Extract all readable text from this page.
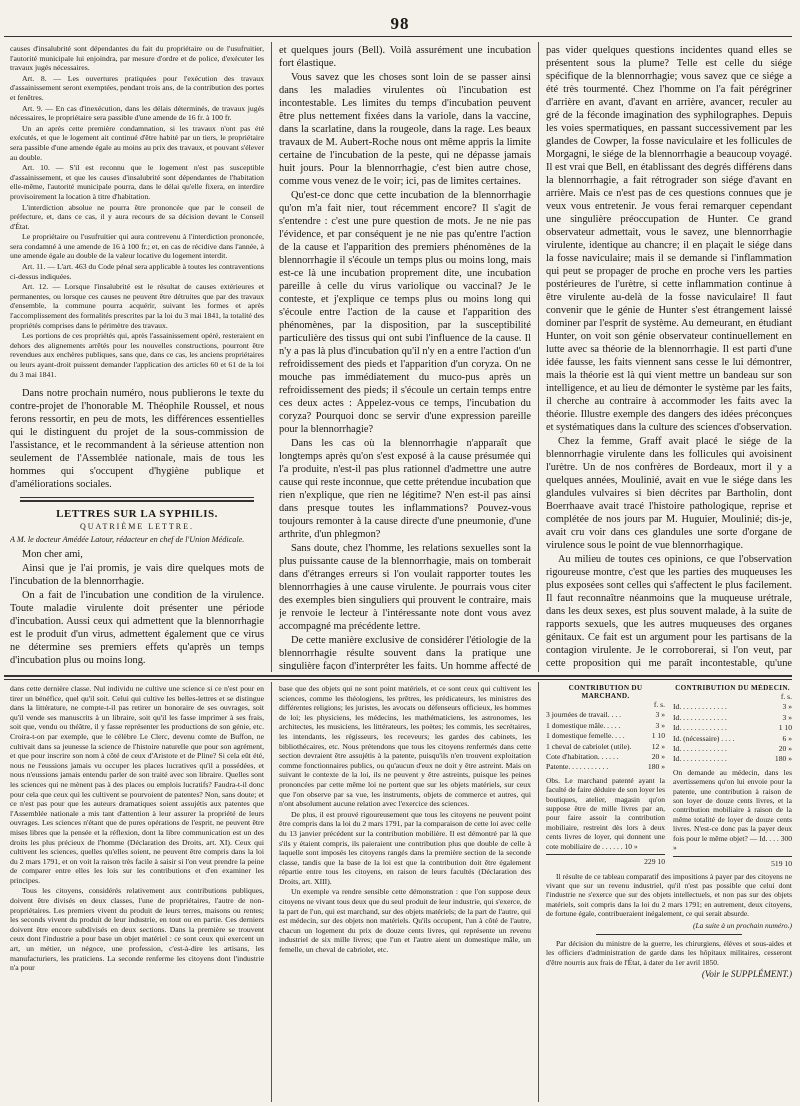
98

causes d'insalubrité sont dépendantes du fait du propriétaire ou de l'usufruitier, l'autorité municipale lui enjoindra, par mesure d'ordre et de police, d'exécuter les travaux jugés nécessaires.

Art. 8. — Les ouvertures pratiquées pour l'exécution des travaux d'assainissement seront exemptées, pendant trois ans, de la contribution des portes et fenêtres.

Art. 9. — En cas d'inexécution, dans les délais déterminés, de travaux jugés nécessaires, le propriétaire sera passible d'une amende de 16 fr. à 100 fr.

Un an après cette première condamnation, si les travaux n'ont pas été exécutés, et que le logement ait continué d'être habité par un tiers, le propriétaire sera passible d'une amende égale au moins au prix des travaux, et pouvant s'élever au double.

Art. 10. — S'il est reconnu que le logement n'est pas susceptible d'assainissement, et que les causes d'insalubrité sont dépendantes de l'habitation elle-même, l'autorité municipale pourra, dans le délai qu'elle fixera, en interdire provisoirement la location à titre d'habitation.

L'interdiction absolue ne pourra être prononcée que par le conseil de préfecture, et, dans ce cas, il y aura recours de sa décision devant le Conseil d'État.

Le propriétaire ou l'usufruitier qui aura contrevenu à l'interdiction prononcée, sera condamné à une amende de 16 à 100 fr.; et, en cas de récidive dans l'année, à une amende égale au double de la valeur locative du logement interdit.

Art. 11. — L'art. 463 du Code pénal sera applicable à toutes les contraventions ci-dessus indiquées.

Art. 12. — Lorsque l'insalubrité est le résultat de causes extérieures et permanentes, ou lorsque ces causes ne peuvent être détruites que par des travaux d'ensemble, la commune pourra acquérir, suivant les formes et après l'accomplissement des formalités prescrites par la loi du 3 mai 1841, la totalité des propriétés comprises dans le périmètre des travaux.

Les portions de ces propriétés qui, après l'assainissement opéré, resteraient en dehors des alignements arrêtés pour les nouvelles constructions, pourront être revendues aux enchères publiques, sans que, dans ce cas, les anciens propriétaires ou leurs ayant-droit puissent demander l'application des articles 60 et 61 de la loi du 3 mai 1841.

Dans notre prochain numéro, nous publierons le texte du contre-projet de l'honorable M. Théophile Roussel, et nous ferons ressortir, en peu de mots, les différences essentielles qui le distinguent du projet de la sous-commission de l'assistance, et le recommandent à la sérieuse attention non seulement de l'Assemblée nationale, mais de tous les hommes qui s'occupent d'hygiène publique et d'améliorations sociales.

LETTRES SUR LA SYPHILIS.
QUATRIÈME LETTRE.
A M. le docteur Amédée Latour, rédacteur en chef de l'Union Médicale.

Mon cher ami,

Ainsi que je l'ai promis, je vais dire quelques mots de l'incubation de la blennorrhagie.

On a fait de l'incubation une condition de la virulence. Toute maladie virulente doit présenter une période d'incubation. Aussi ceux qui admettent que la blennorrhagie est le produit d'un virus, admettent également que ce virus ne détermine ses premiers effets qu'après un temps d'incubation plus ou moins long.

et quelques jours (Bell). Voilà assurément une incubation fort élastique.

Vous savez que les choses sont loin de se passer ainsi dans les maladies virulentes où l'incubation est incontestable. Les limites du temps d'incubation peuvent être plus nettement fixées dans la variole, dans la vaccine, dans la scarlatine, dans la rougeole, dans la rage. Les beaux travaux de M. Aubert-Roche nous ont même appris la limite certaine de l'incubation de la peste, qui ne dépasse jamais huit jours. Pour la blennorrhagie, c'est bien autre chose, comme vous venez de le voir; ici, pas de limites certaines.

Qu'est-ce donc que cette incubation de la blennorrhagie qu'on m'a fait nier, tout récemment encore? Il s'agit de s'entendre : c'est une pure question de mots. Je ne nie pas l'évidence, et par conséquent je ne nie pas qu'entre l'action de la cause et l'apparition des premiers phénomènes de la blennorrhagie il s'écoule un temps plus ou moins long, mais est-ce là une incubation proprement dite, une incubation pareille à celle du virus variolique ou vaccinal? Je le conteste, et j'explique ce temps plus ou moins long qui s'écoule entre l'action de la cause et l'apparition des phénomènes, par la disposition, par la susceptibilité particulière des tissus qui ont subi l'influence de la cause. Il n'y a pas là plus d'incubation qu'il n'y en a entre l'action d'un refroidissement des pieds et l'apparition d'un coryza. On ne mouche pas immédiatement du muco-pus après un refroidissement des pieds; il s'écoule un certain temps entre ces deux actes : Appelez-vous ce temps, l'incubation du coryza? Pourquoi donc se servir d'une expression pareille pour la blennorrhagie?

Dans les cas où la blennorrhagie n'apparaît que longtemps après qu'on s'est exposé à la cause présumée qui l'a produite, n'est-il pas plus rationnel d'admettre une autre cause qui reste inconnue, que cette prétendue incubation que rien n'explique, que rien ne légitime? N'en est-il pas ainsi dans presque toutes les inflammations? Pouvez-vous toujours remonter à la cause directe d'une pneumonie, d'une arthrite, d'un phlegmon?

Sans doute, chez l'homme, les relations sexuelles sont la plus puissante cause de la blennorrhagie, mais on tomberait dans d'étranges erreurs si l'on voulait rapporter toutes les blennorrhagies à une cause virulente. Je pourrais vous citer des exemples bien singuliers qui prouvent le contraire, mais je renvoie le lecteur à l'intéressante note dont vous avez accompagné ma précédente lettre.

De cette manière exclusive de considérer l'étiologie de la blennorrhagie résulte souvent dans la pratique une singulière façon d'interpréter les faits. Un homme affecté de

pas vider quelques questions incidentes quand elles se présentent sous la plume? Telle est celle du siége spécifique de la blennorrhagie; vous savez que ce siége a été très tourmenté. Chez l'homme on l'a fait pérégriner d'arrière en avant, d'avant en arrière, avancer, reculer au gré de la féconde imagination des syphilographes. Depuis les voies spermatiques, en passant successivement par les glandes de Cowper, la fosse naviculaire et les follicules de Morgagni, le siége de la blennorrhagie a beaucoup voyagé. Il est vrai que Bell, en établissant des degrés différens dans la blennorrhagie, a fait rétrograder son siége d'avant en arrière. Mais ce n'est pas de ces questions connues que je veux vous entretenir. Je vous ferai remarquer cependant une singulière préoccupation de Hunter. Ce grand observateur admettait, vous le savez, une blennorrhagie virulente, identique au chancre; il en plaçait le siége dans la fosse naviculaire; mais il se demande si l'inflammation qui peut se propager de proche en proche vers les parties postérieures de l'urètre, si cette inflammation continue à être virulente au-delà de la fosse naviculaire! Il faut convenir que le génie de Hunter s'est étrangement laissé dominer par l'esprit de système. Au demeurant, en étudiant Hunter, on voit son génie observateur continuellement en lutte avec sa théorie de la blennorrhagie. Il est parti d'une idée fausse, les faits viennent sans cesse le lui démontrer, mais la théorie est là qui vient mettre un bandeau sur son intelligence, et au lieu de démonter le système par les faits, il cherche au contraire à accommoder les faits avec la théorie. Illustre exemple des dangers des idées préconçues et systématiques dans la culture des sciences d'observation.

Chez la femme, Graff avait placé le siége de la blennorrhagie virulente dans les follicules qui avoisinent l'urètre. Un de nos confrères de Bordeaux, mort il y a quelques années, Moulinié, avait en vue le siége dans les glandules vulvaires si bien décrites par Bartholin, dont Boerrhaave avait tracé l'histoire pathologique, reprise et complétée de nos jours par M. Huguier, Moulinié; dis-je, avait cru voir dans ces glandules une sorte d'organe de virulence sous le point de vue blennorrhagique.

Au milieu de toutes ces opinions, ce que l'observation rigoureuse montre, c'est que les parties des muqueuses les plus exposées sont celles qui s'affectent le plus facilement. Il faut reconnaître néanmoins que la muqueuse urétrale, dans les deux sexes, est plus souvent malade, à la suite de rapports sexuels, que les autres muqueuses des organes génitaux. Ce fait est un argument pour les partisans de la contagion virulente. Je le corroborerai, si l'on veut, par cette proposition qui me paraît incontestable, qu'une

dans cette dernière classe. Nul individu ne cultive une science si ce n'est pour en tirer un bénéfice, quel qu'il soit. Celui qui cultive les belles-lettres et se distingue dans la littérature, ne compte-t-il pas retirer un honoraire de ses ouvrages, soit qu'il vende ses manuscrits à un libraire, soit qu'il les fasse imprimer à ses frais, soit que, vendu ou théâtre, il y fasse représenter les productions de son génie, etc. Croira-t-on par exemple, que le célèbre Le Clerc, devenu comte de Buffon, ne cultivait dans sa jeunesse la science de l'histoire naturelle que pour son agrément, et que pour inscrire son nom à côté de ceux d'Aristote et de Pline? Si cela eût été, nous ne l'eussions jamais vu occuper les places lucratives qu'il a possédées, et nous n'eussions jamais entendu parler de son traité avec son libraire. Quelles sont les sciences qui ne mènent pas à des places ou emplois lucratifs? Faudra-t-il donc pour cela que ceux qui les cultivent se pourvoient de patentes? Non, sans doute; et ce n'est pas pour que les auteurs dramatiques soient assujétis aux patentes que l'Assemblée nationale a mis tant d'attention à leur assurer la propriété de leurs ouvrages. Les sciences n'étant que de pures opérations de l'esprit, ne peuvent être mises libres que la pensée et la réflexion, dont la libre communication est un des droits les plus précieux de l'homme (Déclaration des Droits, art. XI). Ceux qui cultivent les sciences, quelles qu'elles soient, ne peuvent être compris dans la loi du 2 mars 1791, et on voit la raison très facile à saisir si l'on veut prendre la peine de comparer entre elles les lois sur les contributions et d'en examiner les principes.

Tous les citoyens, considérés relativement aux contributions publiques, doivent être divisés en deux classes, l'une de propriétaires, l'autre de non-propriétaires. Les premiers vivent du produit de leurs terres, maisons ou rentes; les seconds vivent du produit de leur industrie, en tout ou en partie. Ces derniers doivent être encore subdivisés en deux sections. Dans la première se trouvent ceux dont l'industrie a pour base un objet matériel : ce sont ceux qui exercent un art, un métier, un négoce, une profession, c'est-à-dire les artisans, les manufacturiers, les praticiens. La seconde renferme les citoyens dont l'industrie n'a pour

base que des objets qui ne sont point matériels, et ce sont ceux qui cultivent les sciences, comme les théologiens, les prêtres, les prédicateurs, les ministres des différentes religions; les juristes, les avocats ou défenseurs officieux, les hommes de loi; les physiciens, les médecins, les mathématiciens, les astronomes, les architectes, les musiciens, les littérateurs, les poètes; les commis, les secrétaires, les intendants, les régisseurs, les receveurs; les gardes des cabinets, les bibliothécaires, etc. Nous prétendons que tous les citoyens renfermés dans cette section devraient être assujétis à la patente, puisqu'ils n'en trouvent exploitation comme fonctionnaires publics, ou qu'aucun d'eux ne doit y être astreint. Mais on suivant le contexte de la loi, ils ne peuvent y être astreints, puisque les peines prononcées par cette même loi ne portent que sur les objets matériels, sur ceux que l'on observe par sa vue, les instruments, objets de commerce et autres, qui n'ont absolument aucune relation avec l'exercice des sciences.

De plus, il est prouvé rigoureusement que tous les citoyens ne peuvent point être compris dans la loi du 2 mars 1791, par la comparaison de cette loi avec celle du 13 janvier précédent sur la contribution mobilière. Il est démontré par là que s'ils y étaient compris, ils paieraient une contribution plus que double de celle à laquelle sont imposés les citoyens rangés dans la première section de la seconde classe, tandis que la base de la loi est que la contribution doit être également répartie entre tous les citoyens, en raison de leurs facultés (Déclaration des Droits, art. XIII).

Un exemple va rendre sensible cette démonstration : que l'on suppose deux citoyens ne vivant tous deux que du seul produit de leur industrie, qui s'exerce, de la part de l'un, qui est marchand, sur des objets matériels; de la part de l'autre, qui est médecin, sur des objets non matériels. Qu'ils occupent, l'un à côté de l'autre, chacun un logement du prix de douze cents livres, qui représente un revenu industriel de six mille livres; que l'un et l'autre aient un domestique mâle, un femelle, un cheval de cabriolet, etc.

CONTRIBUTION DU MARCHAND.
f. s.
3 journées de travail. . . .	3 »
1 domestique mâle. . . . .	3 »
1 domestique femelle. . . .	1 10
1 cheval de cabriolet (utile).	12 »
Cote d'habitation. . . . . .	20 »
Patente. . . . . . . . . . .	180 »
Obs. Le marchand patenté ayant la faculté de faire déduire de son loyer les boutiques, atelier, magasin qu'on suppose être de mille livres par an, pour faire assoir la contribution mobiliaire, restreint dès lors à deux cents livres de loyer, qui donnent une cote mobiliaire de . . . . . . 10 »
229 10
CONTRIBUTION DU MÉDECIN.
f. s.
Id. . . . . . . . . . . . .	3 »
Id. . . . . . . . . . . . .	3 »
Id. . . . . . . . . . . . .	1 10
Id. (nécessaire) . . . .	6 »
Id. . . . . . . . . . . . .	20 »
Id. . . . . . . . . . . . .	180 »
On demande au médecin, dans les avertissemens qu'on lui envoie pour la patente, une contribution à raison de son loyer de douze cents livres, et la contribution mobiliaire à raison de la même totalité de loyer de douze cents livres. N'est-ce donc pas la payer deux fois pour le même objet? — Id. . . . 300 »
519 10
Il résulte de ce tableau comparatif des impositions à payer par des citoyens ne vivant que sur un revenu industriel, qu'il n'est pas possible que celui dont l'industrie ne s'exerce que sur des objets intellectuels, et non pas sur des objets matériels, soit compris dans la loi du 2 mars 1791; en autrement, deux citoyens, de fortune égale, contribueraient inégalement, ce qui serait absurde.
(La suite à un prochain numéro.)
Par décision du ministre de la guerre, les chirurgiens, élèves et sous-aides et les officiers d'administration de garde dans les hôpitaux militaires, cesseront d'être nourris aux frais de l'État, à dater du 1er avril 1850.
(Voir le SUPPLÉMENT.)
